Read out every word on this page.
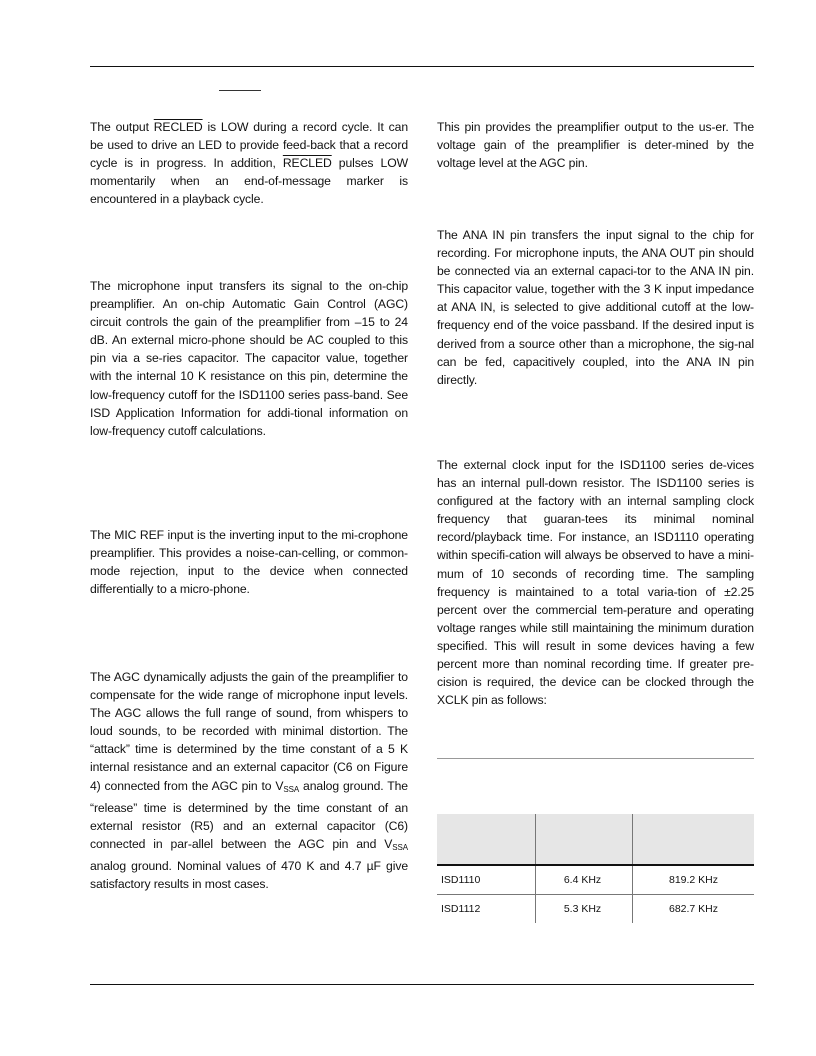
The output RECLED is LOW during a record cycle. It can be used to drive an LED to provide feed-back that a record cycle is in progress. In addition, RECLED pulses LOW momentarily when an end-of-message marker is encountered in a playback cycle.

The microphone input transfers its signal to the on-chip preamplifier. An on-chip Automatic Gain Control (AGC) circuit controls the gain of the preamplifier from –15 to 24 dB. An external micro-phone should be AC coupled to this pin via a se-ries capacitor. The capacitor value, together with the internal 10 K resistance on this pin, determine the low-frequency cutoff for the ISD1100 series pass-band. See ISD Application Information for addi-tional information on low-frequency cutoff calculations.

The MIC REF input is the inverting input to the mi-crophone preamplifier. This provides a noise-can-celling, or common-mode rejection, input to the device when connected differentially to a micro-phone.

The AGC dynamically adjusts the gain of the preamplifier to compensate for the wide range of microphone input levels. The AGC allows the full range of sound, from whispers to loud sounds, to be recorded with minimal distortion. The “attack” time is determined by the time constant of a 5 K internal resistance and an external capacitor (C6 on Figure 4) connected from the AGC pin to $V_{SSA}$ analog ground. The “release” time is determined by the time constant of an external resistor (R5) and an external capacitor (C6) connected in par-allel between the AGC pin and $V_{SSA}$ analog ground. Nominal values of 470 K and 4.7 µF give satisfactory results in most cases.

This pin provides the preamplifier output to the us-er. The voltage gain of the preamplifier is deter-mined by the voltage level at the AGC pin.

The ANA IN pin transfers the input signal to the chip for recording. For microphone inputs, the ANA OUT pin should be connected via an external capaci-tor to the ANA IN pin. This capacitor value, together with the 3 K input impedance at ANA IN, is selected to give additional cutoff at the low-frequency end of the voice passband. If the desired input is derived from a source other than a microphone, the sig-nal can be fed, capacitively coupled, into the ANA IN pin directly.

The external clock input for the ISD1100 series de-vices has an internal pull-down resistor. The ISD1100 series is configured at the factory with an internal sampling clock frequency that guaran-tees its minimal nominal record/playback time. For instance, an ISD1110 operating within specifi-cation will always be observed to have a mini-mum of 10 seconds of recording time. The sampling frequency is maintained to a total varia-tion of ±2.25 percent over the commercial tem-perature and operating voltage ranges while still maintaining the minimum duration specified. This will result in some devices having a few percent more than nominal recording time. If greater pre-cision is required, the device can be clocked through the XCLK pin as follows:

ISD1110	6.4 KHz	819.2 KHz
ISD1112	5.3 KHz	682.7 KHz
